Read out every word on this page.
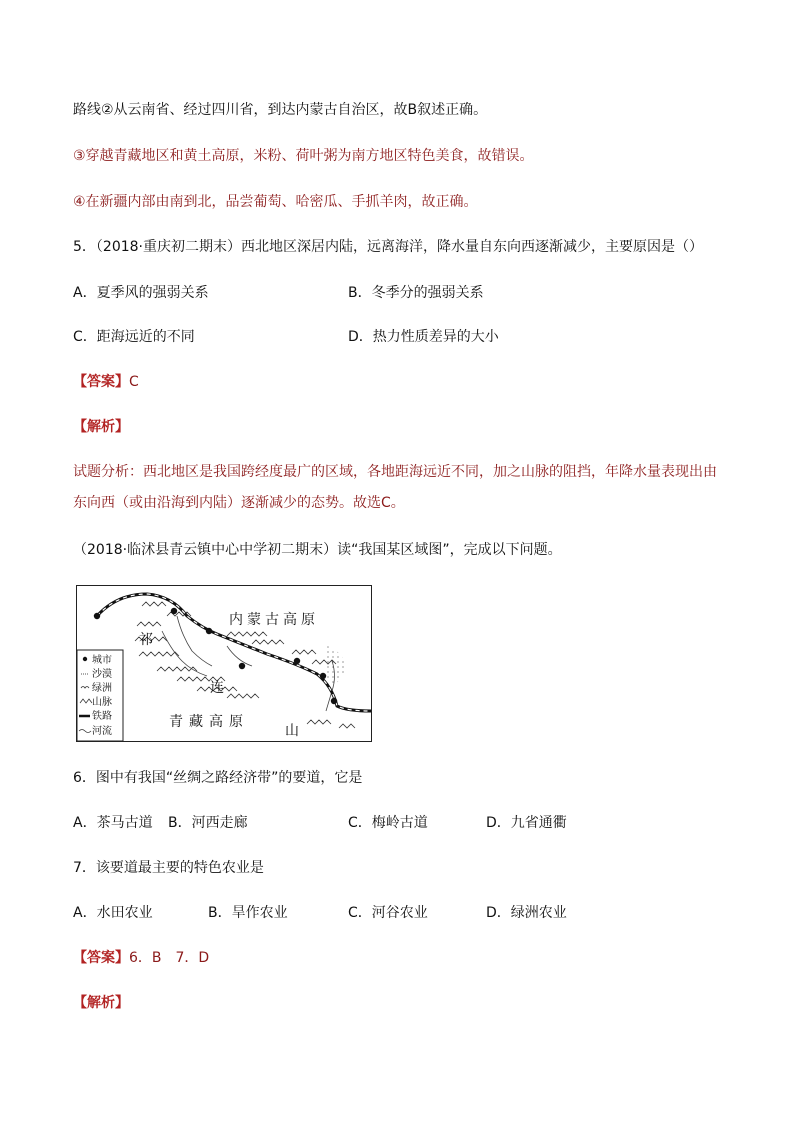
路线②从云南省、经过四川省，到达内蒙古自治区，故B叙述正确。
③穿越青藏地区和黄土高原，米粉、荷叶粥为南方地区特色美食，故错误。
④在新疆内部由南到北，品尝葡萄、哈密瓜、手抓羊肉，故正确。
5．（2018·重庆初二期末）西北地区深居内陆，远离海洋，降水量自东向西逐渐减少，主要原因是（）
A．夏季风的强弱关系	B．冬季分的强弱关系
C．距海远近的不同	D．热力性质差异的大小
【答案】C
【解析】
试题分析：西北地区是我国跨经度最广的区域，各地距海远近不同，加之山脉的阻挡，年降水量表现出由
东向西（或由沿海到内陆）逐渐减少的态势。故选C。
（2018·临沭县青云镇中心中学初二期末）读“我国某区域图”，完成以下问题。
内蒙古高原
青藏高原
祁
连
山
城市
沙漠
绿洲
山脉
铁路
河流
6．图中有我国“丝绸之路经济带”的要道，它是
A．茶马古道 B．河西走廊	C．梅岭古道	D．九省通衢
7．该要道最主要的特色农业是
A．水田农业	B．旱作农业	C．河谷农业	D．绿洲农业
【答案】6．B　7．D
【解析】
